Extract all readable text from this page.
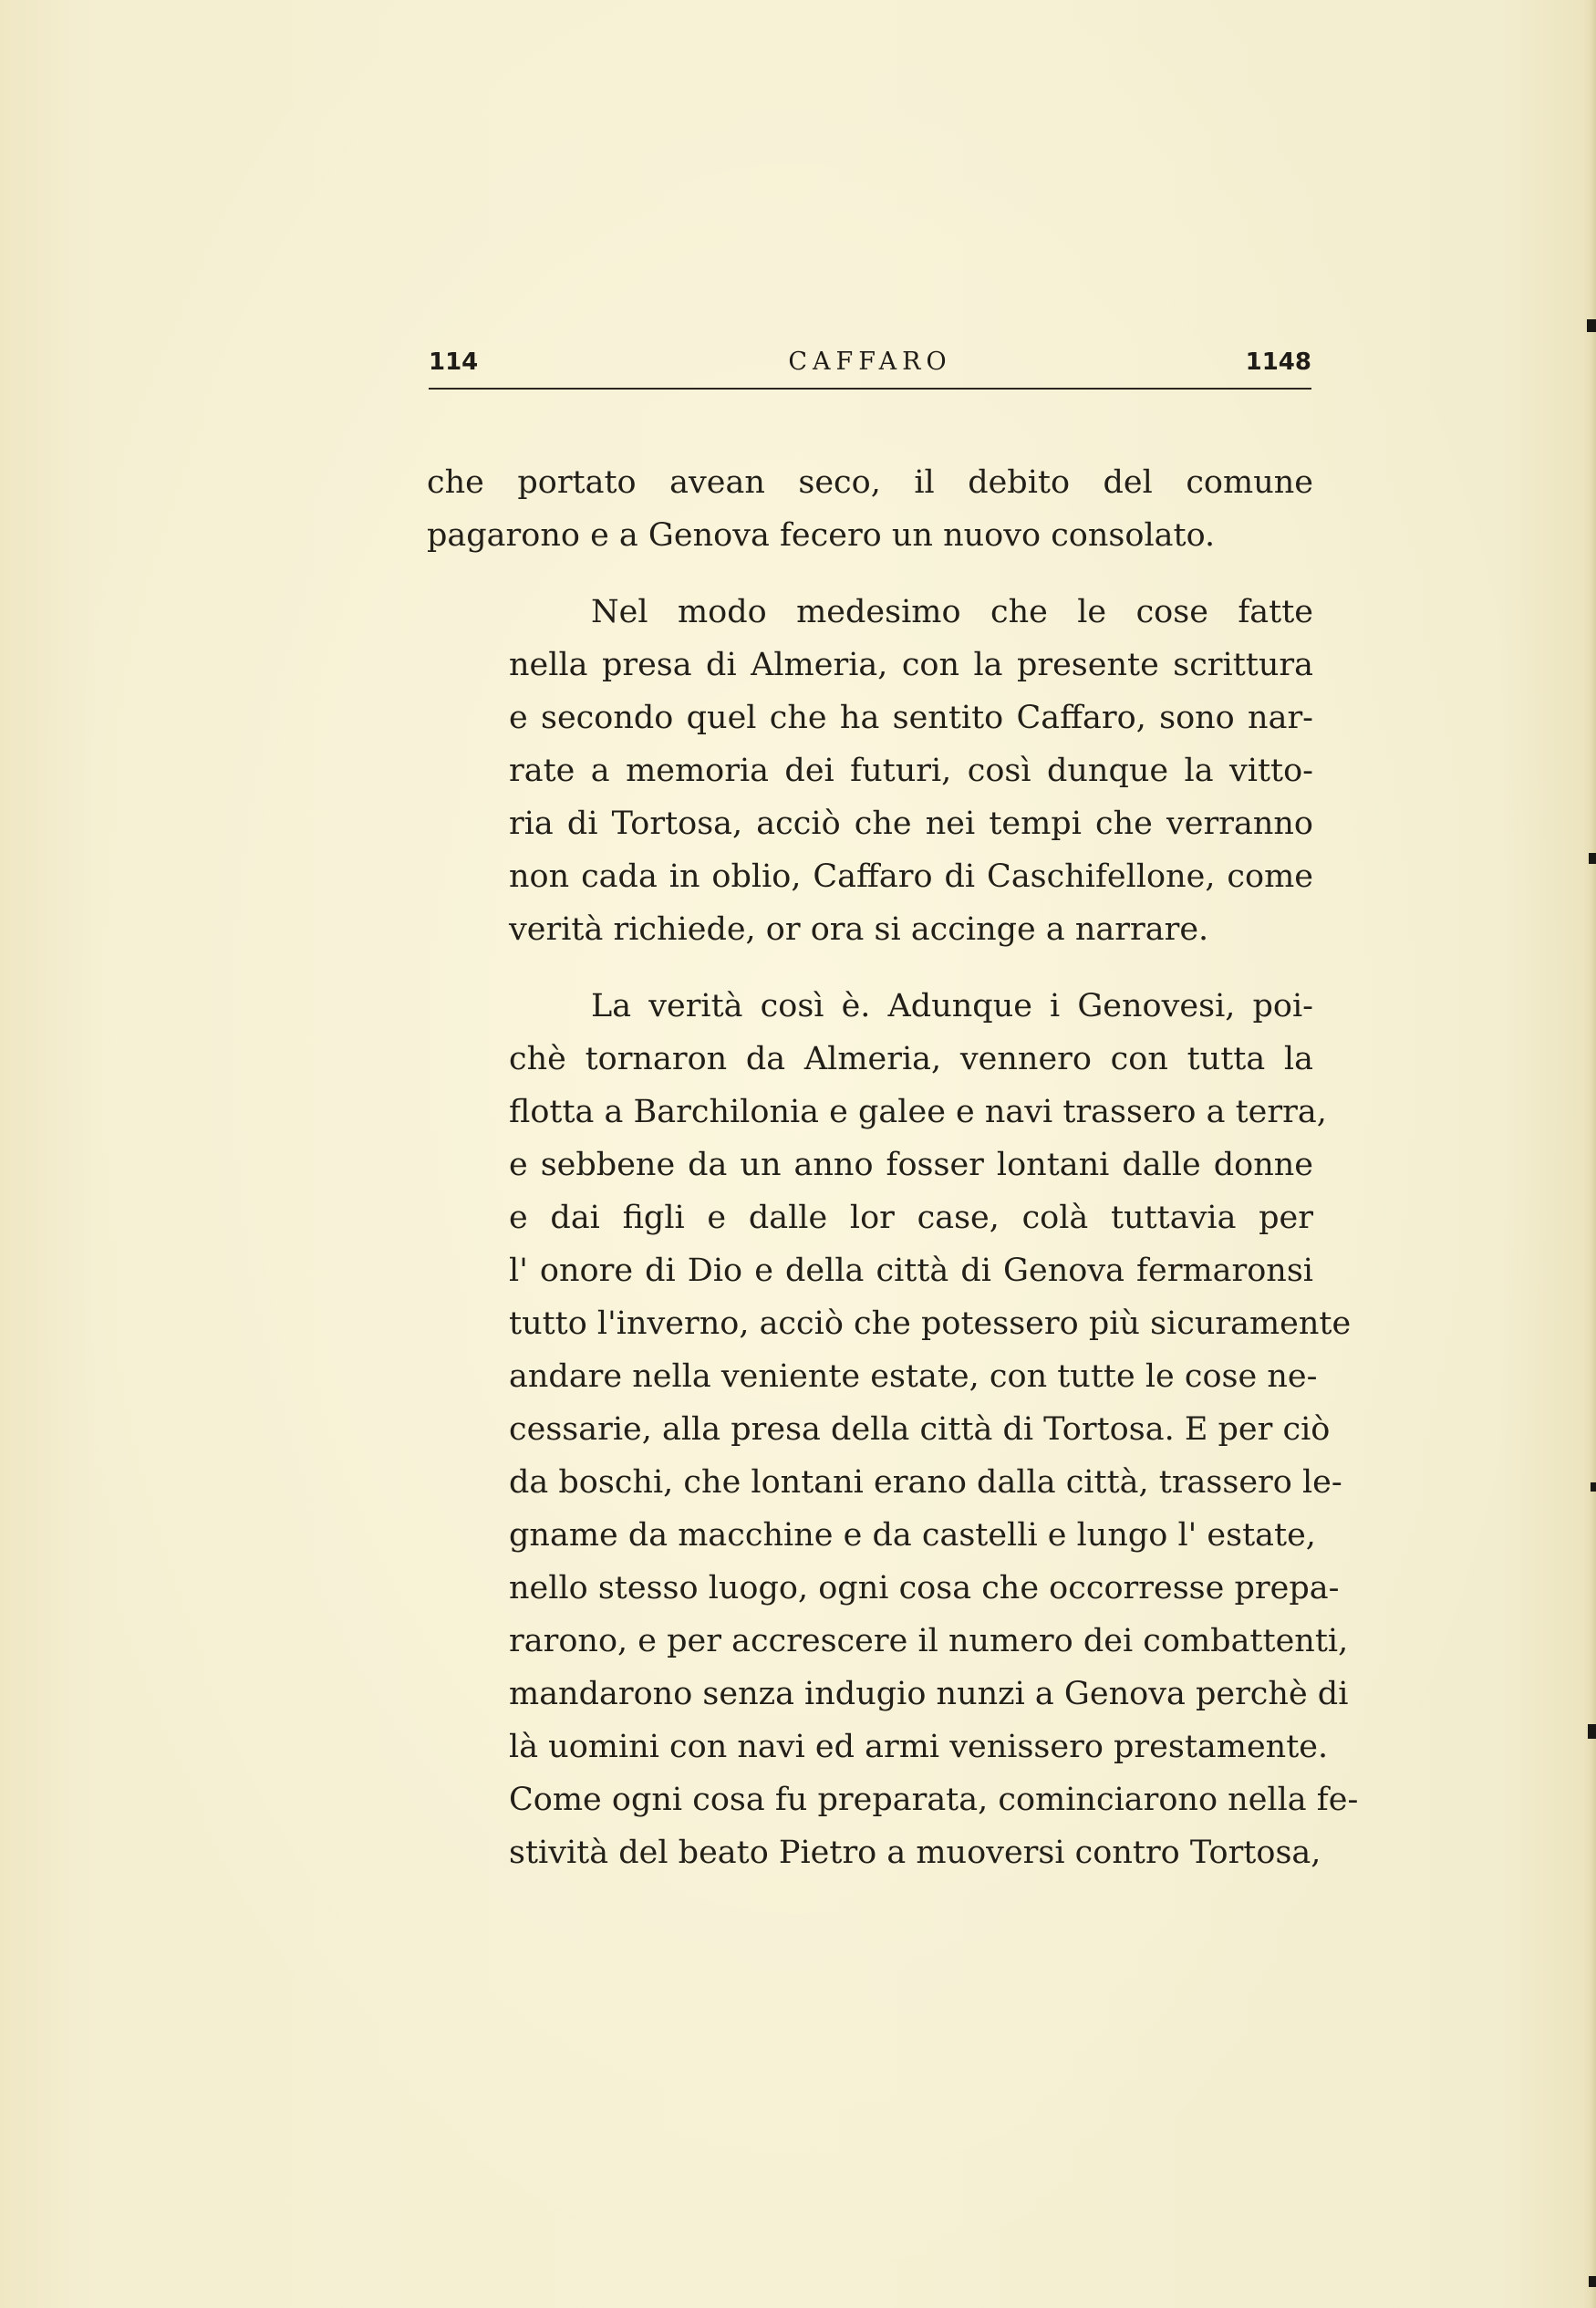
114	CAFFARO	1148

che portato avean seco, il debito del comune
pagarono e a Genova fecero un nuovo consolato.

Nel modo medesimo che le cose fatte
nella presa di Almeria, con la presente scrittura
e secondo quel che ha sentito Caffaro, sono nar-
rate a memoria dei futuri, così dunque la vitto-
ria di Tortosa, acciò che nei tempi che verranno
non cada in oblio, Caffaro di Caschifellone, come
verità richiede, or ora si accinge a narrare.

La verità così è. Adunque i Genovesi, poi-
chè tornaron da Almeria, vennero con tutta la
flotta a Barchilonia e galee e navi trassero a terra,
e sebbene da un anno fosser lontani dalle donne
e dai figli e dalle lor case, colà tuttavia per
l' onore di Dio e della città di Genova fermaronsi
tutto l'inverno, acciò che potessero più sicuramente
andare nella veniente estate, con tutte le cose ne-
cessarie, alla presa della città di Tortosa. E per ciò
da boschi, che lontani erano dalla città, trassero le-
gname da macchine e da castelli e lungo l' estate,
nello stesso luogo, ogni cosa che occorresse prepa-
rarono, e per accrescere il numero dei combattenti,
mandarono senza indugio nunzi a Genova perchè di
là uomini con navi ed armi venissero prestamente.
Come ogni cosa fu preparata, cominciarono nella fe-
stività del beato Pietro a muoversi contro Tortosa,
